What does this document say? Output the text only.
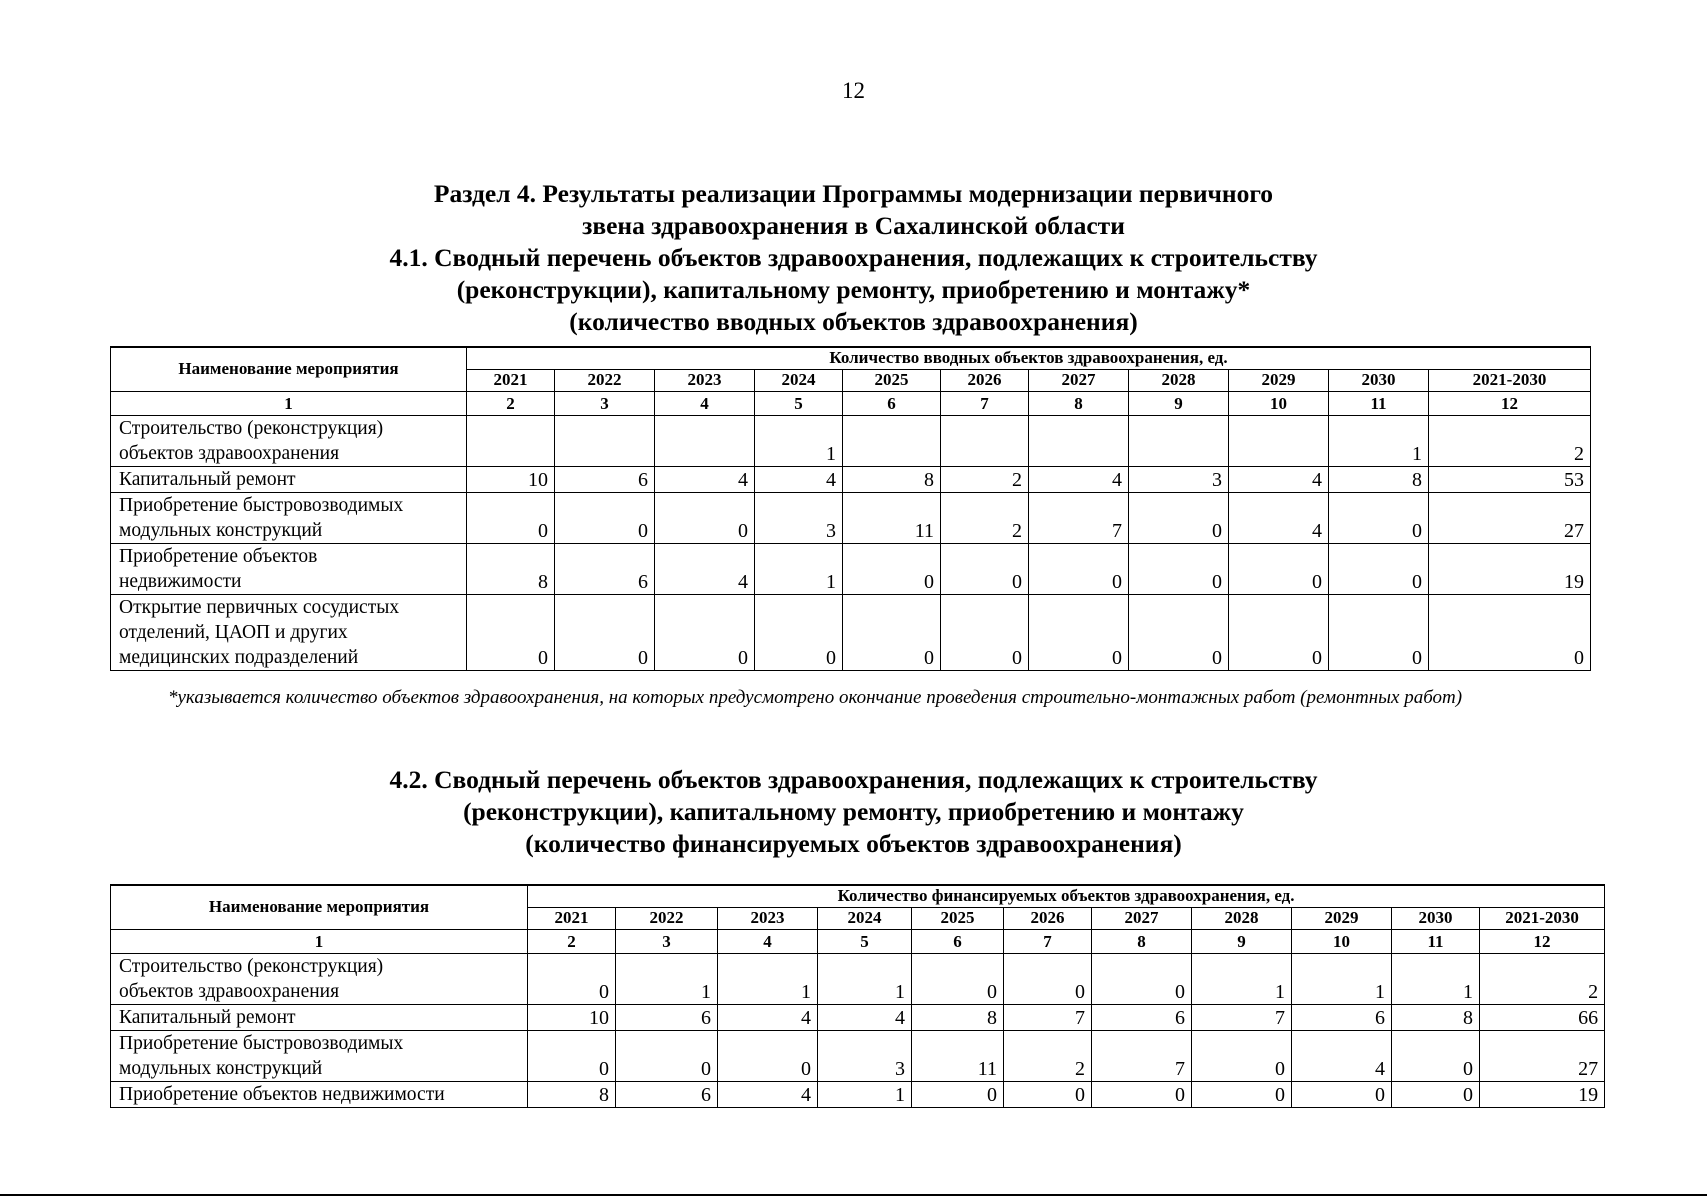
12
Раздел 4. Результаты реализации Программы модернизации первичного
звена здравоохранения в Сахалинской области
4.1. Сводный перечень объектов здравоохранения, подлежащих к строительству
(реконструкции), капитальному ремонту, приобретению и монтажу*
(количество вводных объектов здравоохранения)
Наименование мероприятия	Количество вводных объектов здравоохранения, ед.										
	2021	2022	2023	2024	2025	2026	2027	2028	2029	2030	2021-2030
1	2	3	4	5	6	7	8	9	10	11	12

Строительство (реконструкция)
объектов здравоохранения				1						1	2

Капитальный ремонт	10	6	4	4	8	2	4	3	4	8	53

Приобретение быстровозводимых
модульных конструкций	0	0	0	3	11	2	7	0	4	0	27

Приобретение объектов
недвижимости	8	6	4	1	0	0	0	0	0	0	19

Открытие первичных сосудистых
отделений, ЦАОП и других
медицинских подразделений	0	0	0	0	0	0	0	0	0	0	0
*указывается количество объектов здравоохранения, на которых предусмотрено окончание проведения строительно-монтажных работ (ремонтных работ)
4.2. Сводный перечень объектов здравоохранения, подлежащих к строительству
(реконструкции), капитальному ремонту, приобретению и монтажу
(количество финансируемых объектов здравоохранения)
Наименование мероприятия	Количество финансируемых объектов здравоохранения, ед.										
	2021	2022	2023	2024	2025	2026	2027	2028	2029	2030	2021-2030
1	2	3	4	5	6	7	8	9	10	11	12

Строительство (реконструкция)
объектов здравоохранения	0	1	1	1	0	0	0	1	1	1	2

Капитальный ремонт	10	6	4	4	8	7	6	7	6	8	66

Приобретение быстровозводимых
модульных конструкций	0	0	0	3	11	2	7	0	4	0	27

Приобретение объектов недвижимости	8	6	4	1	0	0	0	0	0	0	19
